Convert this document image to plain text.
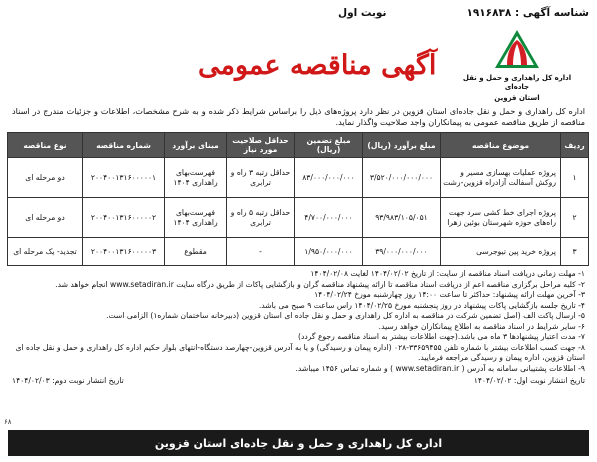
شناسه آگهی : ۱۹۱۶۸۳۸
نوبت اول
اداره کل راهداری و حمل و نقل جاده‌ای
استان قزوین
آگهی مناقصه عمومی

اداره کل راهداری و حمل و نقل جاده‌ای استان قزوین در نظر دارد پروژه‌های ذیل را براساس شرایط ذکر شده و به شرح مشخصات، اطلاعات و جزئیات مندرج در اسناد مناقصه از طریق مناقصه عمومی به پیمانکاران واجد صلاحیت واگذار نماید.

ردیف	موضوع مناقصه	مبلغ برآورد (ریال)	مبلغ تضمین (ریال)	حداقل صلاحیت مورد نیاز	مبنای برآورد	شماره مناقصه	نوع مناقصه
۱	پروژه عملیات بهسازی مسیر و روکش آسفالت آزادراه قزوین-رشت	۳/۵۲۰/۰۰۰/۰۰۰/۰۰۰	۸۳/۰۰۰/۰۰۰/۰۰۰	حداقل رتبه ۳ راه و ترابری	فهرست‌بهای راهداری ۱۴۰۴	۲۰۰۴۰۰۱۳۱۶۰۰۰۰۰۱	دو مرحله ای
۲	پروژه اجرای خط کشی سرد جهت راه‌های حوزه شهرستان بوئین زهرا	۹۳/۹۸۳/۱۰۵/۰۵۱	۴/۷۰۰/۰۰۰/۰۰۰	حداقل رتبه ۵ راه و ترابری	فهرست‌بهای راهداری ۱۴۰۴	۲۰۰۴۰۰۱۳۱۶۰۰۰۰۰۲	دو مرحله ای
۳	پروژه خرید پین تیوجرسی	۳۹/۰۰۰/۰۰۰/۰۰۰	۱/۹۵۰/۰۰۰/۰۰۰	-	مقطوع	۲۰۰۴۰۰۱۳۱۶۰۰۰۰۰۳	تجدید- یک مرحله ای
۱- مهلت زمانی دریافت اسناد مناقصه از سایت: از تاریخ ۱۴۰۴/۰۲/۰۲ لغایت ۱۴۰۴/۰۲/۰۸
۲- کلیه مراحل برگزاری مناقصه اعم از دریافت اسناد مناقصه تا ارائه پیشنهاد مناقصه گران و بازگشایی پاکات از طریق درگاه سایت www.setadiran.ir انجام خواهد شد.
۳- آخرین مهلت ارائه پیشنهاد: حداکثر تا ساعت ۱۴:۰۰ روز چهارشنبه مورخ ۱۴۰۴/۰۲/۲۴
۴- تاریخ جلسه بازگشایی پاکات پیشنهاد در روز پنجشنبه مورخ ۱۴۰۴/۰۲/۲۵ راس ساعت ۹ صبح می باشد.
۵- ارسال پاکت الف (اصل تضمین شرکت در مناقصه به اداره کل راهداری و حمل و نقل جاده ای استان قزوین (دبیرخانه ساختمان شماره۱) الزامی است.
۶- سایر شرایط در اسناد مناقصه به اطلاع پیمانکاران خواهد رسید.
۷- مدت اعتبار پیشنهادها ۳ ماه می باشد.(جهت اطلاعات بیشتر به اسناد مناقصه رجوع گردد)
۸- جهت کسب اطلاعات بیشتر با شماره تلفن ۳۳۶۵۹۴۵۵-۰۲۸ (اداره پیمان و رسیدگی) و یا به آدرس قزوین-چهارصد دستگاه-انتهای بلوار حکیم اداره کل راهداری و حمل و نقل جاده ای استان قزوین، اداره پیمان و رسیدگی مراجعه فرمایید.
۹- اطلاعات پشتیبانی سامانه به آدرس ( www.setadiran.ir ) و شماره تماس ۱۴۵۶ میباشد.
تاریخ انتشار نوبت اول: ۱۴۰۴/۰۲/۰۲
تاریخ انتشار نوبت دوم: ۱۴۰۴/۰۲/۰۳
۶۸
اداره کل راهداری و حمل و نقل جاده‌ای استان قزوین
